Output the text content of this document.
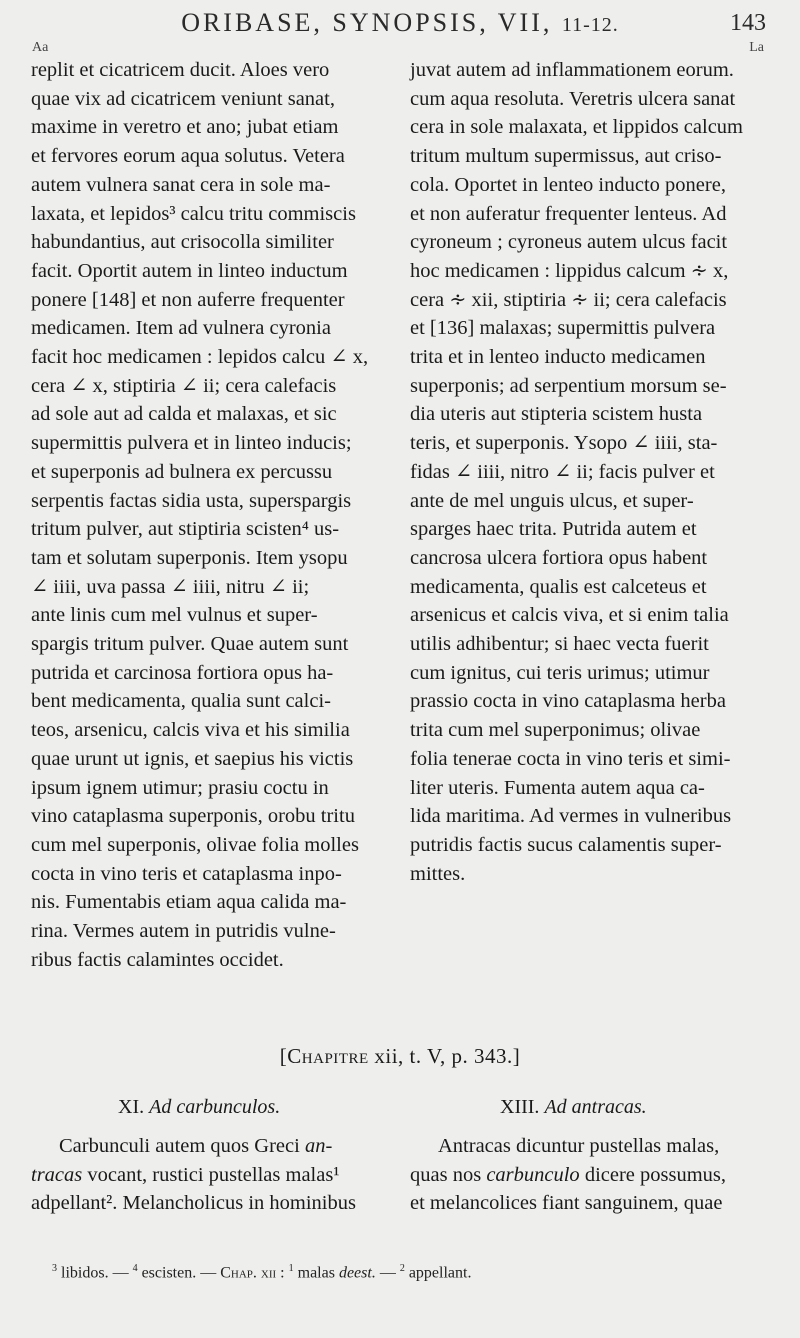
ORIBASE, SYNOPSIS, VII, 11-12.	143
Aa	La
replit et cicatricem ducit. Aloes vero
quae vix ad cicatricem veniunt sanat,
maxime in veretro et ano; jubat etiam
et fervores eorum aqua solutus. Vetera
autem vulnera sanat cera in sole ma-
laxata, et lepidos³ calcu tritu commiscis
habundantius, aut crisocolla similiter
facit. Oportit autem in linteo inductum
ponere [148] et non auferre frequenter
medicamen. Item ad vulnera cyronia
facit hoc medicamen : lepidos calcu ∠ x,
cera ∠ x, stiptiria ∠ ii; cera calefacis
ad sole aut ad calda et malaxas, et sic
supermittis pulvera et in linteo inducis;
et superponis ad bulnera ex percussu
serpentis factas sidia usta, superspargis
tritum pulver, aut stiptiria scisten⁴ us-
tam et solutam superponis. Item ysopu
∠ iiii, uva passa ∠ iiii, nitru ∠ ii;
ante linis cum mel vulnus et super-
spargis tritum pulver. Quae autem sunt
putrida et carcinosa fortiora opus ha-
bent medicamenta, qualia sunt calci-
teos, arsenicu, calcis viva et his similia
quae urunt ut ignis, et saepius his victis
ipsum ignem utimur; prasiu coctu in
vino cataplasma superponis, orobu tritu
cum mel superponis, olivae folia molles
cocta in vino teris et cataplasma inpo-
nis. Fumentabis etiam aqua calida ma-
rina. Vermes autem in putridis vulne-
ribus factis calamintes occidet.
juvat autem ad inflammationem eorum.
cum aqua resoluta. Veretris ulcera sanat
cera in sole malaxata, et lippidos calcum
tritum multum supermissus, aut criso-
cola. Oportet in lenteo inducto ponere,
et non auferatur frequenter lenteus. Ad
cyroneum ; cyroneus autem ulcus facit
hoc medicamen : lippidus calcum ∻ x,
cera ∻ xii, stiptiria ∻ ii; cera calefacis
et [136] malaxas; supermittis pulvera
trita et in lenteo inducto medicamen
superponis; ad serpentium morsum se-
dia uteris aut stipteria scistem husta
teris, et superponis. Ysopo ∠ iiii, sta-
fidas ∠ iiii, nitro ∠ ii; facis pulver et
ante de mel unguis ulcus, et super-
sparges haec trita. Putrida autem et
cancrosa ulcera fortiora opus habent
medicamenta, qualis est calceteus et
arsenicus et calcis viva, et si enim talia
utilis adhibentur; si haec vecta fuerit
cum ignitus, cui teris urimus; utimur
prassio cocta in vino cataplasma herba
trita cum mel superponimus; olivae
folia tenerae cocta in vino teris et simi-
liter uteris. Fumenta autem aqua ca-
lida maritima. Ad vermes in vulneribus
putridis factis sucus calamentis super-
mittes.
[Chapitre xii, t. V, p. 343.]
XI. Ad carbunculos.	XIII. Ad antracas.
Carbunculi autem quos Greci an-
tracas vocant, rustici pustellas malas¹
adpellant². Melancholicus in hominibus
Antracas dicuntur pustellas malas,
quas nos carbunculo dicere possumus,
et melancolices fiant sanguinem, quae
$^3$ libidos. — $^4$ escisten. — Chap. xii : $^1$ malas deest. — $^2$ appellant.
